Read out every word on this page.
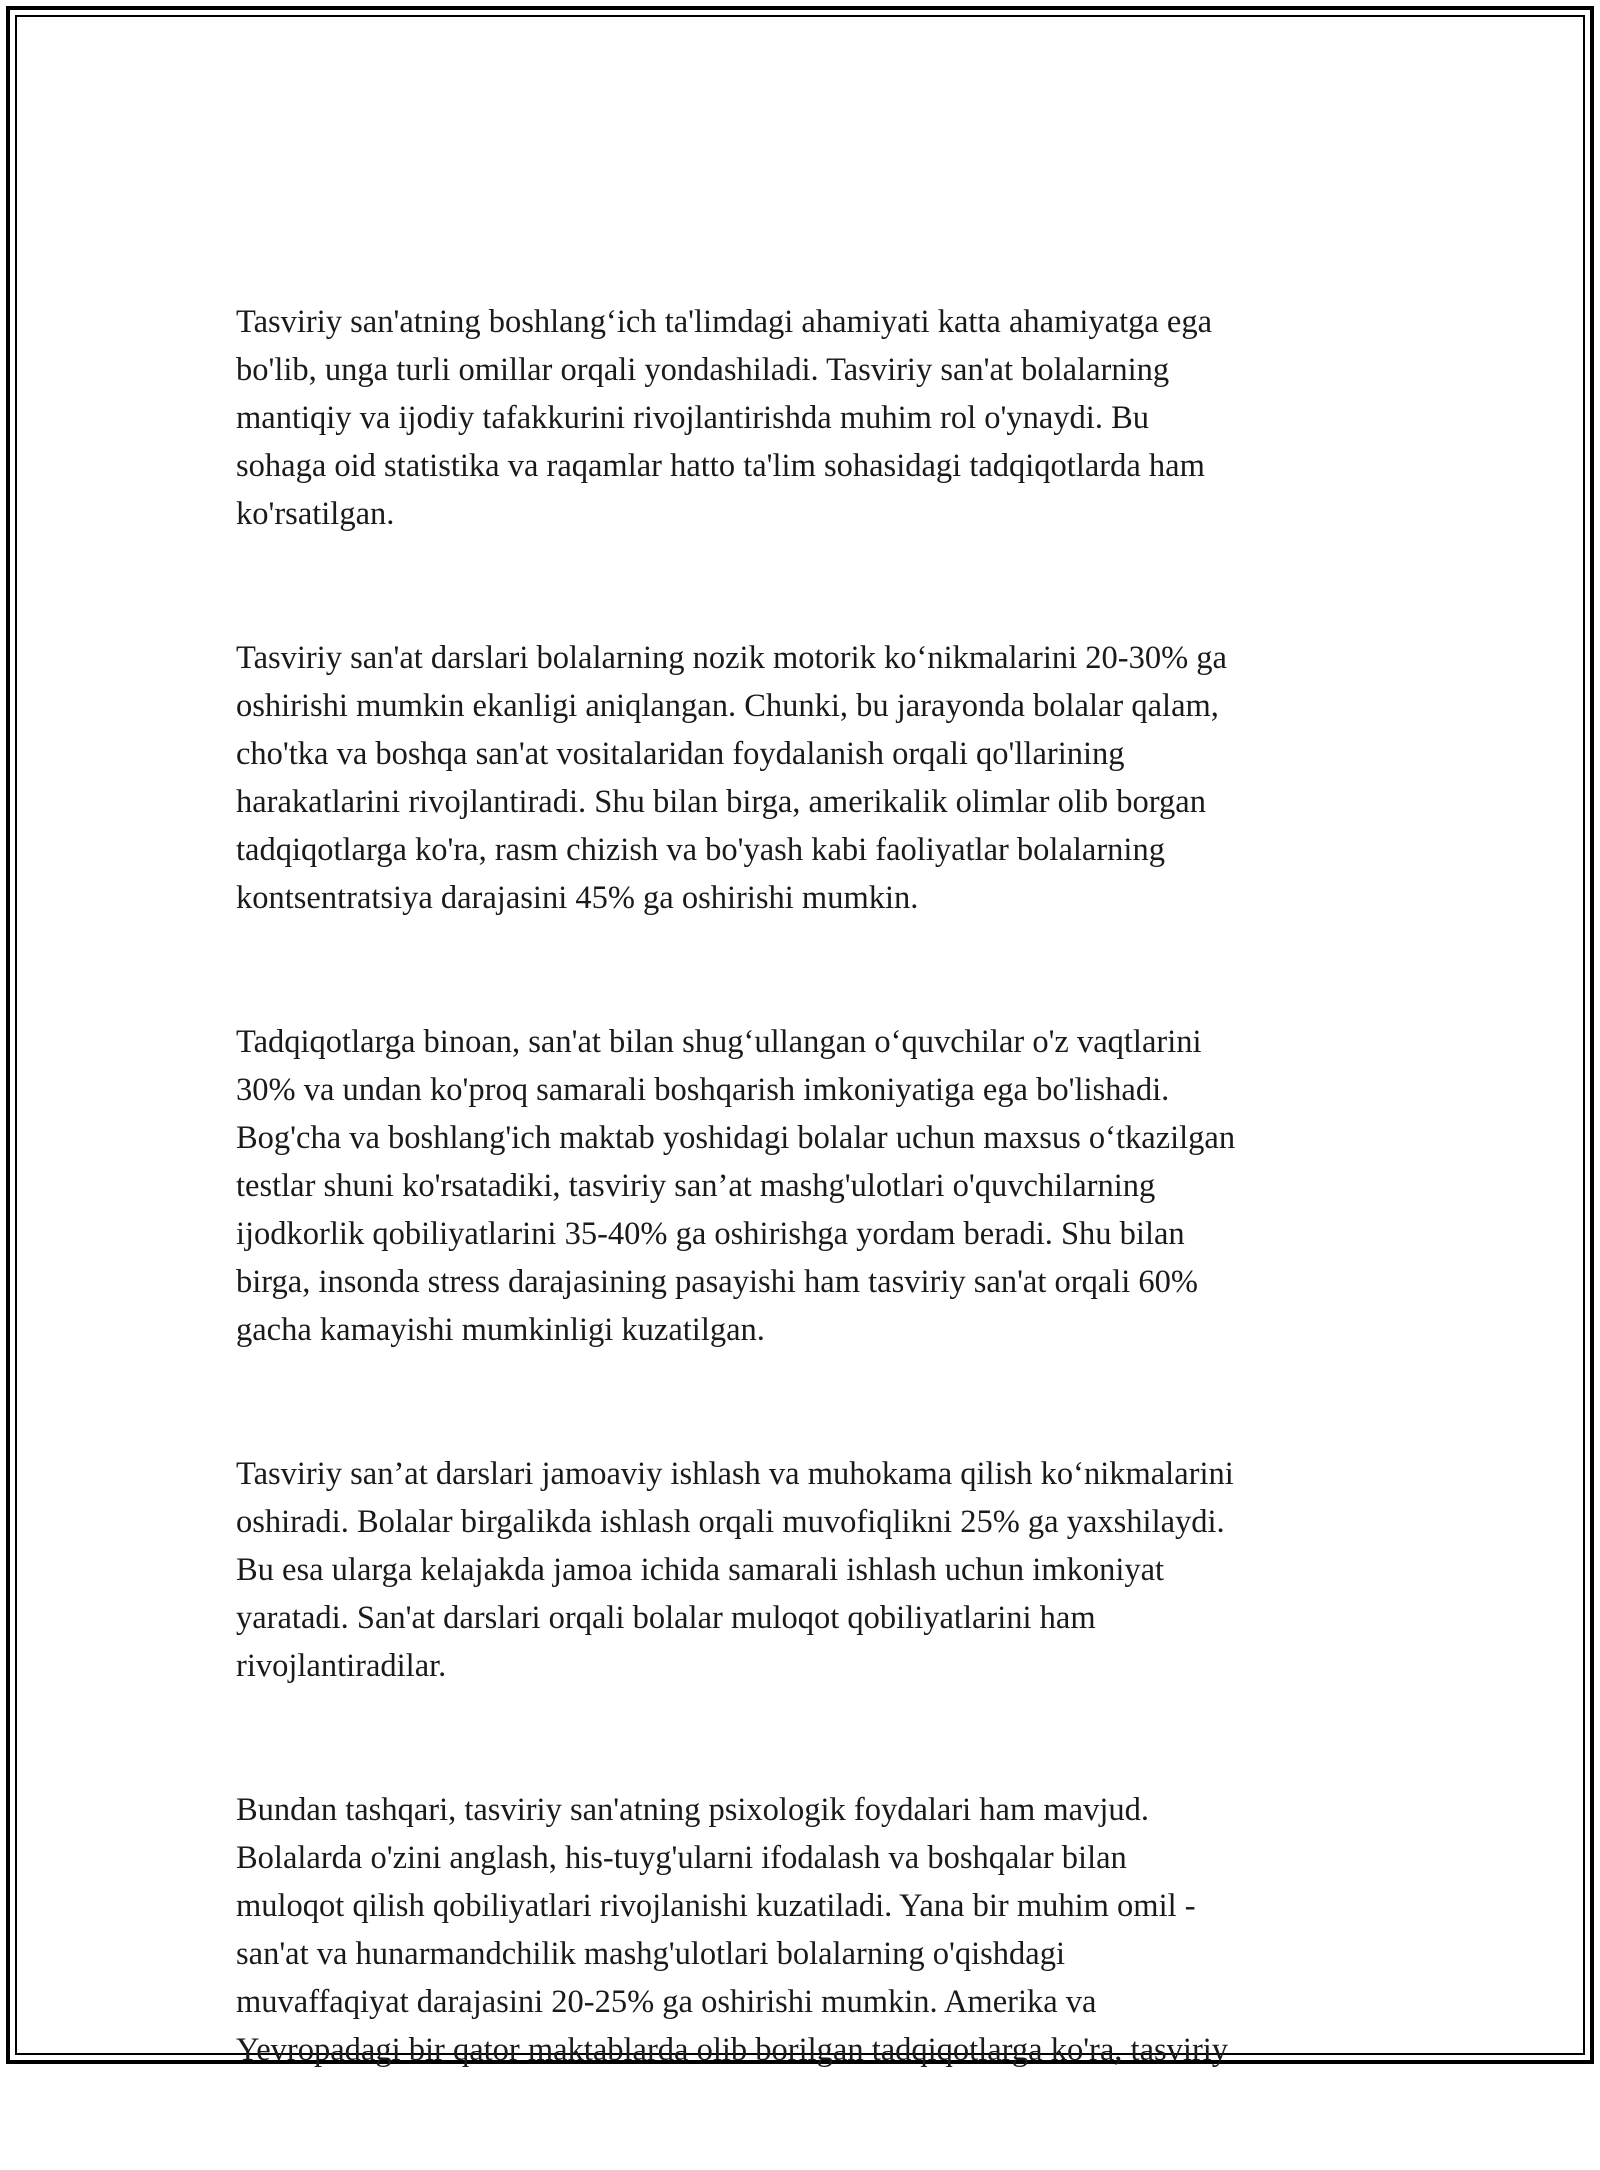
Tasviriy san'atning boshlang‘ich ta'limdagi ahamiyati katta ahamiyatga ega
bo'lib, unga turli omillar orqali yondashiladi. Tasviriy san'at bolalarning
mantiqiy va ijodiy tafakkurini rivojlantirishda muhim rol o'ynaydi. Bu
sohaga oid statistika va raqamlar hatto ta'lim sohasidagi tadqiqotlarda ham
ko'rsatilgan.

Tasviriy san'at darslari bolalarning nozik motorik ko‘nikmalarini 20-30% ga
oshirishi mumkin ekanligi aniqlangan. Chunki, bu jarayonda bolalar qalam,
cho'tka va boshqa san'at vositalaridan foydalanish orqali qo'llarining
harakatlarini rivojlantiradi. Shu bilan birga, amerikalik olimlar olib borgan
tadqiqotlarga ko'ra, rasm chizish va bo'yash kabi faoliyatlar bolalarning
kontsentratsiya darajasini 45% ga oshirishi mumkin.

Tadqiqotlarga binoan, san'at bilan shug‘ullangan o‘quvchilar o'z vaqtlarini
30% va undan ko'proq samarali boshqarish imkoniyatiga ega bo'lishadi.
Bog'cha va boshlang'ich maktab yoshidagi bolalar uchun maxsus o‘tkazilgan
testlar shuni ko'rsatadiki, tasviriy san’at mashg'ulotlari o'quvchilarning
ijodkorlik qobiliyatlarini 35-40% ga oshirishga yordam beradi. Shu bilan
birga, insonda stress darajasining pasayishi ham tasviriy san'at orqali 60%
gacha kamayishi mumkinligi kuzatilgan.

Tasviriy san’at darslari jamoaviy ishlash va muhokama qilish ko‘nikmalarini
oshiradi. Bolalar birgalikda ishlash orqali muvofiqlikni 25% ga yaxshilaydi.
Bu esa ularga kelajakda jamoa ichida samarali ishlash uchun imkoniyat
yaratadi. San'at darslari orqali bolalar muloqot qobiliyatlarini ham
rivojlantiradilar.

Bundan tashqari, tasviriy san'atning psixologik foydalari ham mavjud.
Bolalarda o'zini anglash, his-tuyg'ularni ifodalash va boshqalar bilan
muloqot qilish qobiliyatlari rivojlanishi kuzatiladi. Yana bir muhim omil -
san'at va hunarmandchilik mashg'ulotlari bolalarning o'qishdagi
muvaffaqiyat darajasini 20-25% ga oshirishi mumkin. Amerika va
Yevropadagi bir qator maktablarda olib borilgan tadqiqotlarga ko'ra, tasviriy
